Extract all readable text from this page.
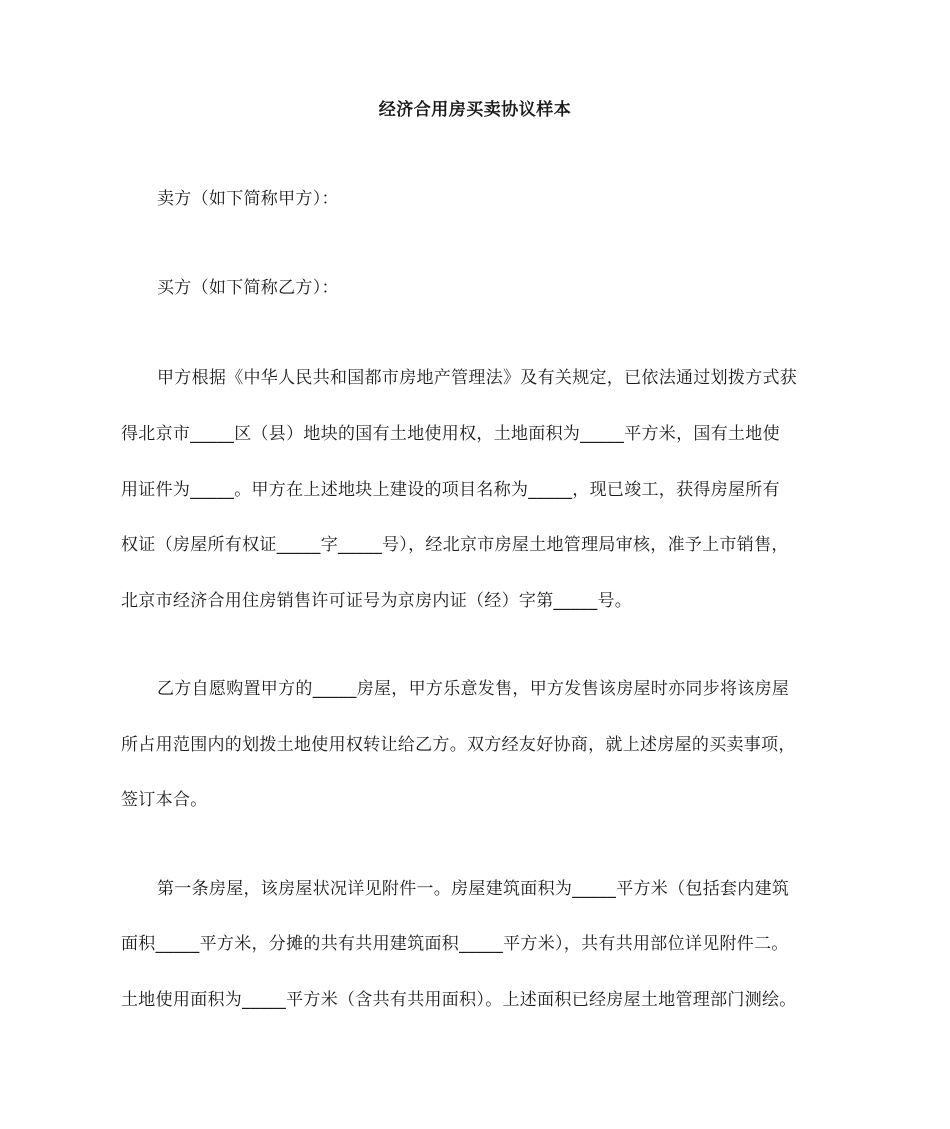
经济合用房买卖协议样本
卖方（如下简称甲方）：
买方（如下简称乙方）：
甲方根据《中华人民共和国都市房地产管理法》及有关规定，已依法通过划拨方式获
得北京市_____区（县）地块的国有土地使用权，土地面积为_____平方米，国有土地使
用证件为_____。甲方在上述地块上建设的项目名称为_____，现已竣工，获得房屋所有
权证（房屋所有权证_____字_____号），经北京市房屋土地管理局审核，准予上市销售，
北京市经济合用住房销售许可证号为京房内证（经）字第_____号。
乙方自愿购置甲方的_____房屋，甲方乐意发售，甲方发售该房屋时亦同步将该房屋
所占用范围内的划拨土地使用权转让给乙方。双方经友好协商，就上述房屋的买卖事项，
签订本合。
第一条房屋，该房屋状况详见附件一。房屋建筑面积为_____平方米（包括套内建筑
面积_____平方米，分摊的共有共用建筑面积_____平方米），共有共用部位详见附件二。
土地使用面积为_____平方米（含共有共用面积）。上述面积已经房屋土地管理部门测绘。
